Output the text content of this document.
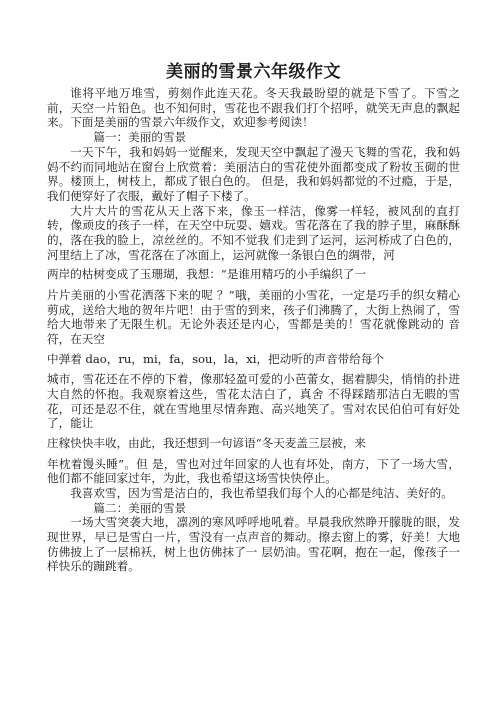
美丽的雪景六年级作文

谁将平地万堆雪，剪刻作此连天花。冬天我最盼望的就是下雪了。下雪之前，天空一片铅色。也不知何时，雪花也不跟我们打个招呼，就笑无声息的飘起来。下面是美丽的雪景六年级作文，欢迎参考阅读！

篇一：美丽的雪景

一天下午，我和妈妈一觉醒来，发现天空中飘起了漫天飞舞的雪花，我和妈妈不约而同地站在窗台上欣赏着：美丽洁白的雪花使外面都变成了粉妆玉砌的世界。楼顶上，树枝上，都成了银白色的。 但是，我和妈妈都觉的不过瘾，于是，我们便穿好了衣服，戴好了帽子下楼了。

大片大片的雪花从天上落下来，像玉一样洁，像雾一样轻，被风刮的直打转，像顽皮的孩子一样，在天空中玩耍、嬉戏。雪花落在了我的脖子里，麻酥酥的，落在我的脸上，凉丝丝的。不知不觉我 们走到了运河，运河桥成了白色的，河里结上了冰，雪花落在了冰面上，运河就像一条银白色的绸带，河

两岸的枯树变成了玉珊瑚，我想：“是谁用精巧的小手编织了一

片片美丽的小雪花洒落下来的呢 ？”哦，美丽的小雪花，一定是巧手的织女精心剪成，送给大地的贺年片吧！由于雪的到来，孩子们沸腾了，大街上热闹了，雪给大地带来了无限生机。无论外表还是内心，雪都是美的！雪花就像跳动的 音符，在天空

中弹着 dao，ru，mi，fa，sou，la，xi，把动听的声音带给每个

城市，雪花还在不停的下着，像那轻盈可爱的小芭蕾女，据着脚尖，悄悄的扑进大自然的怀抱。我观察着这些，雪花太洁白了，真舍 不得踩踏那洁白无暇的雪花，可还是忍不住，就在雪地里尽情奔跑、高兴地笑了。雪对农民伯伯可有好处了，能让

庄稼快快丰收，由此，我还想到一句谚语“冬天麦盖三层被，来

年枕着馒头睡”。但 是，雪也对过年回家的人也有坏处，南方，下了一场大雪，他们都不能回家过年，为此，我也希望这场雪快快停止。

我喜欢雪，因为雪是洁白的，我也希望我们每个人的心都是纯洁、美好的。

篇二：美丽的雪景

一场大雪突袭大地，凛冽的寒风呼呼地吼着。早晨我欣然睁开朦胧的眼，发现世界，早已是雪白一片，雪没有一点声音的舞动。擦去窗上的雾，好美！大地仿佛披上了一层棉袄，树上也仿佛抹了一 层奶油。雪花啊，抱在一起，像孩子一样快乐的蹦跳着。
